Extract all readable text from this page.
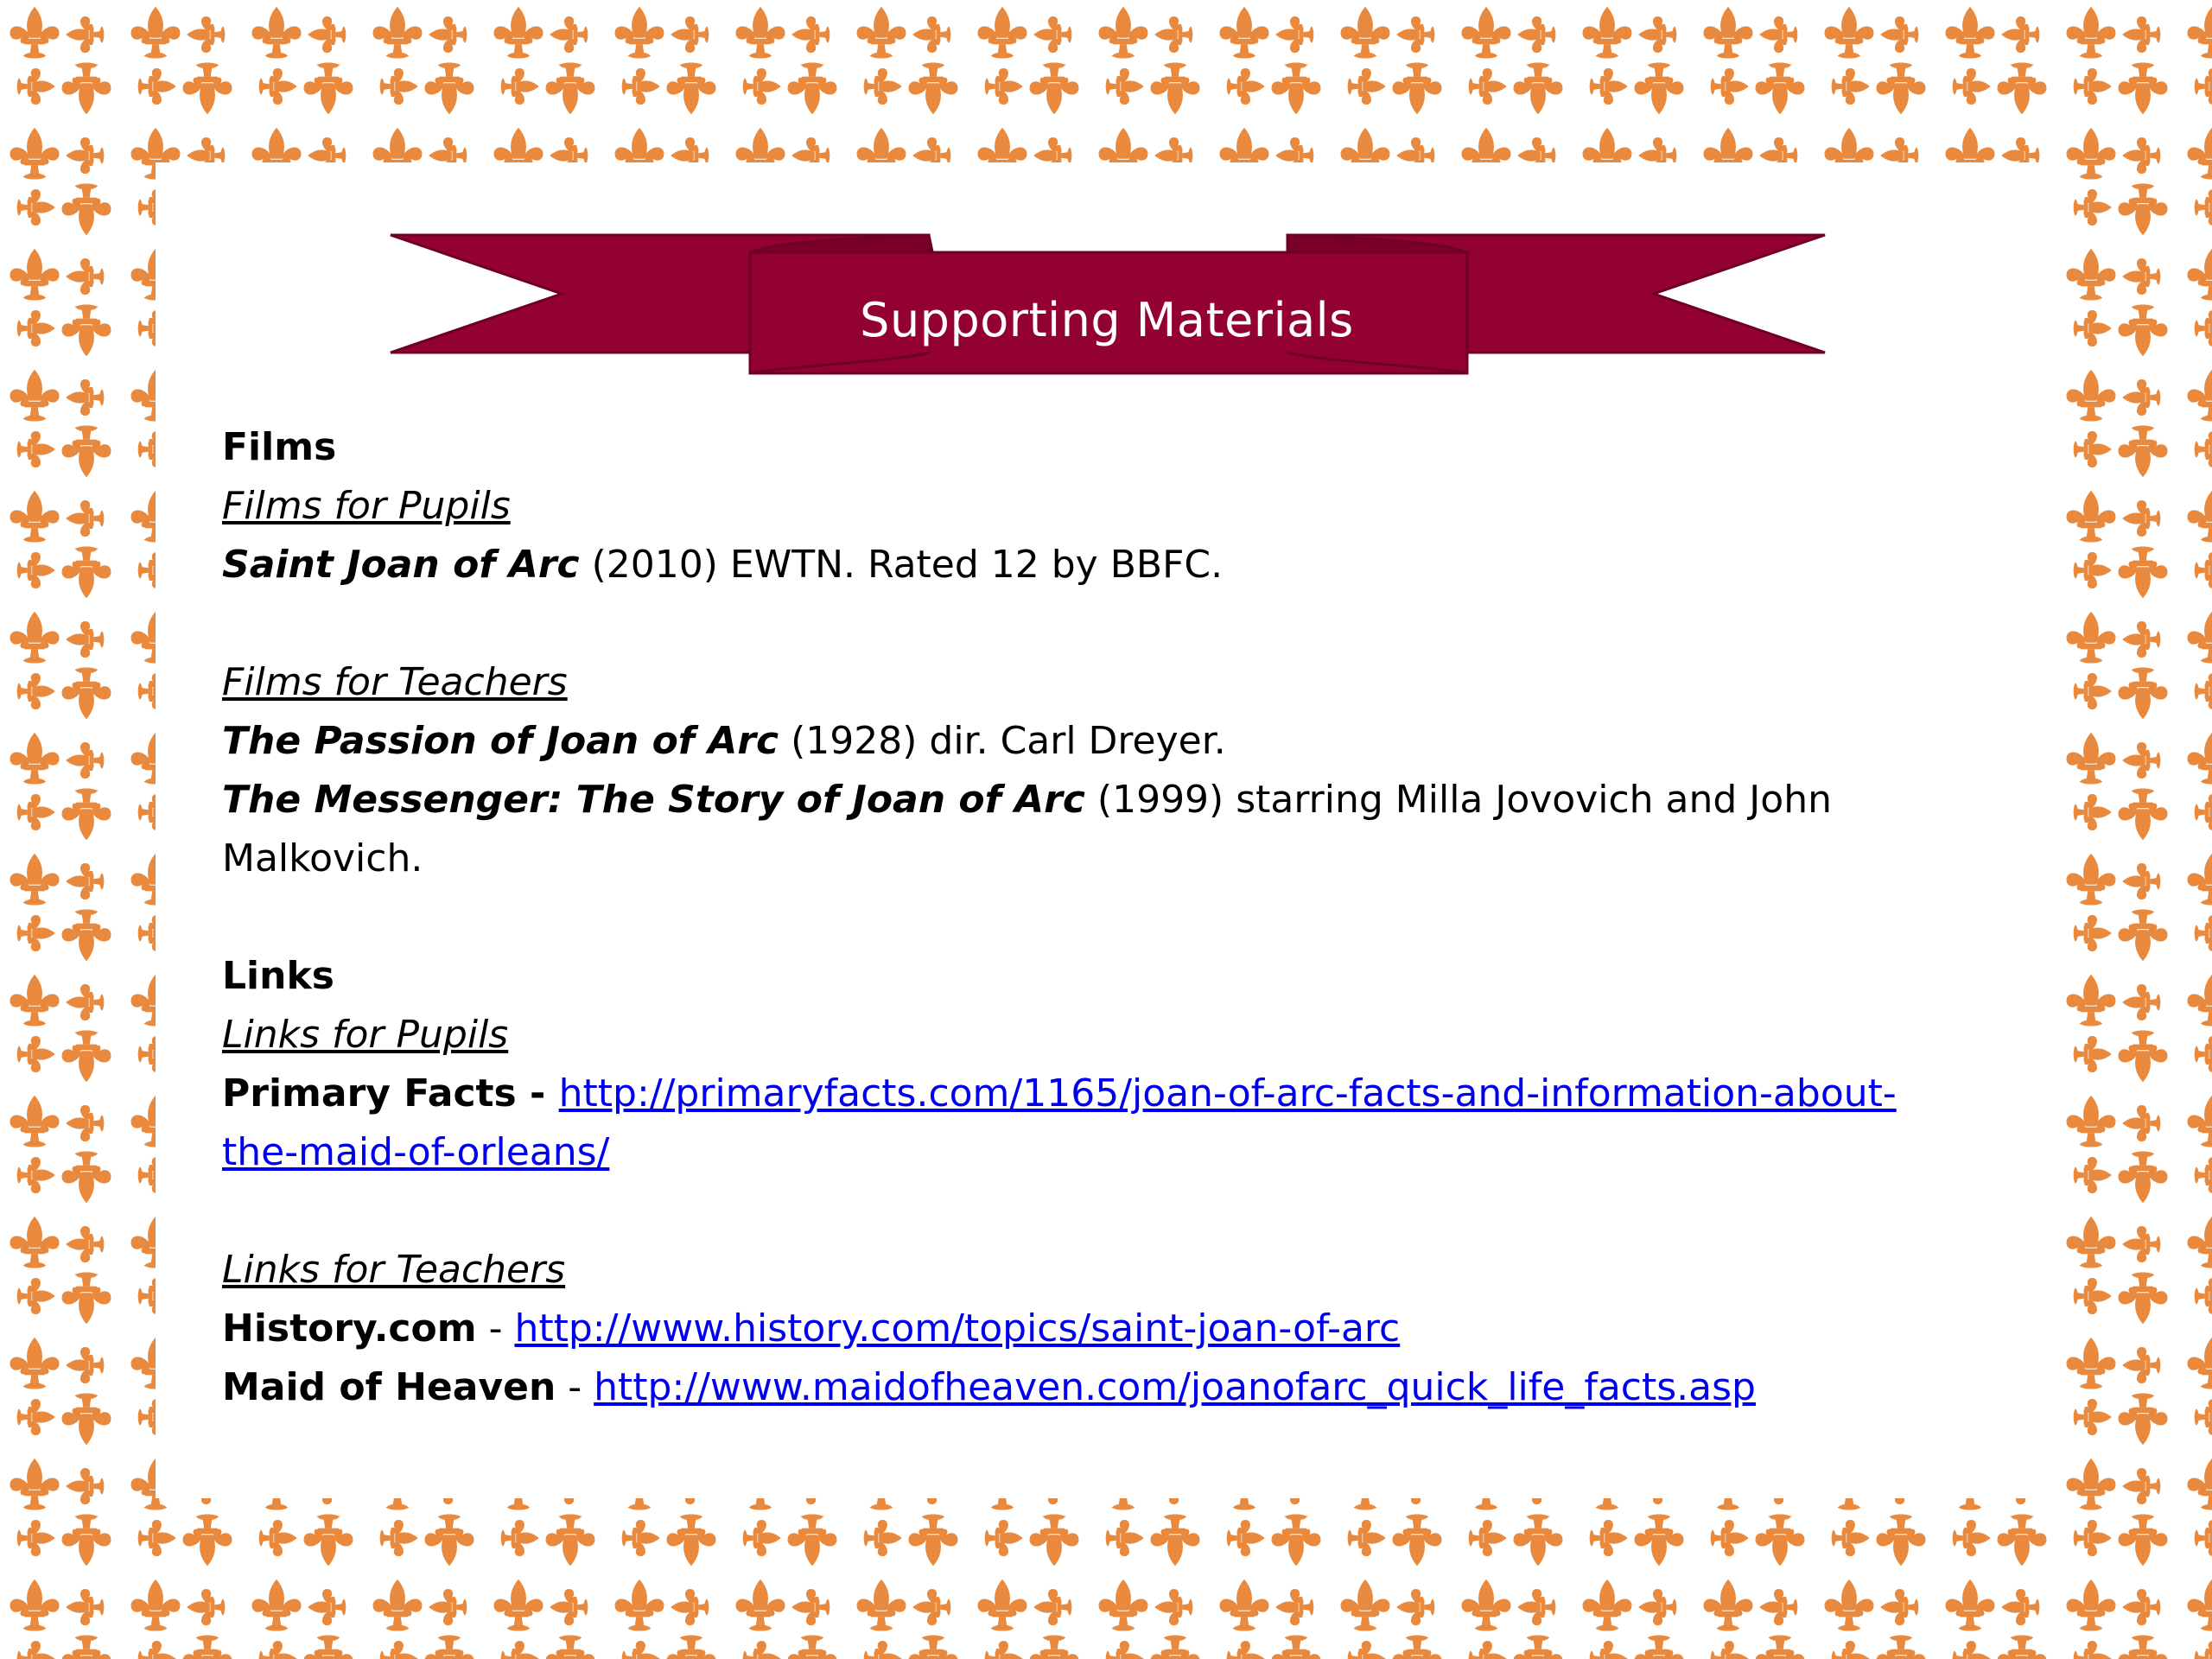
Supporting Materials
Films
Films for Pupils
Saint Joan of Arc (2010) EWTN. Rated 12 by BBFC.
Films for Teachers
The Passion of Joan of Arc (1928) dir. Carl Dreyer.
The Messenger: The Story of Joan of Arc (1999) starring Milla Jovovich and John
Malkovich.
Links
Links for Pupils
Primary Facts - http://primaryfacts.com/1165/joan-of-arc-facts-and-information-about-
the-maid-of-orleans/
Links for Teachers
History.com - http://www.history.com/topics/saint-joan-of-arc
Maid of Heaven - http://www.maidofheaven.com/joanofarc_quick_life_facts.asp
